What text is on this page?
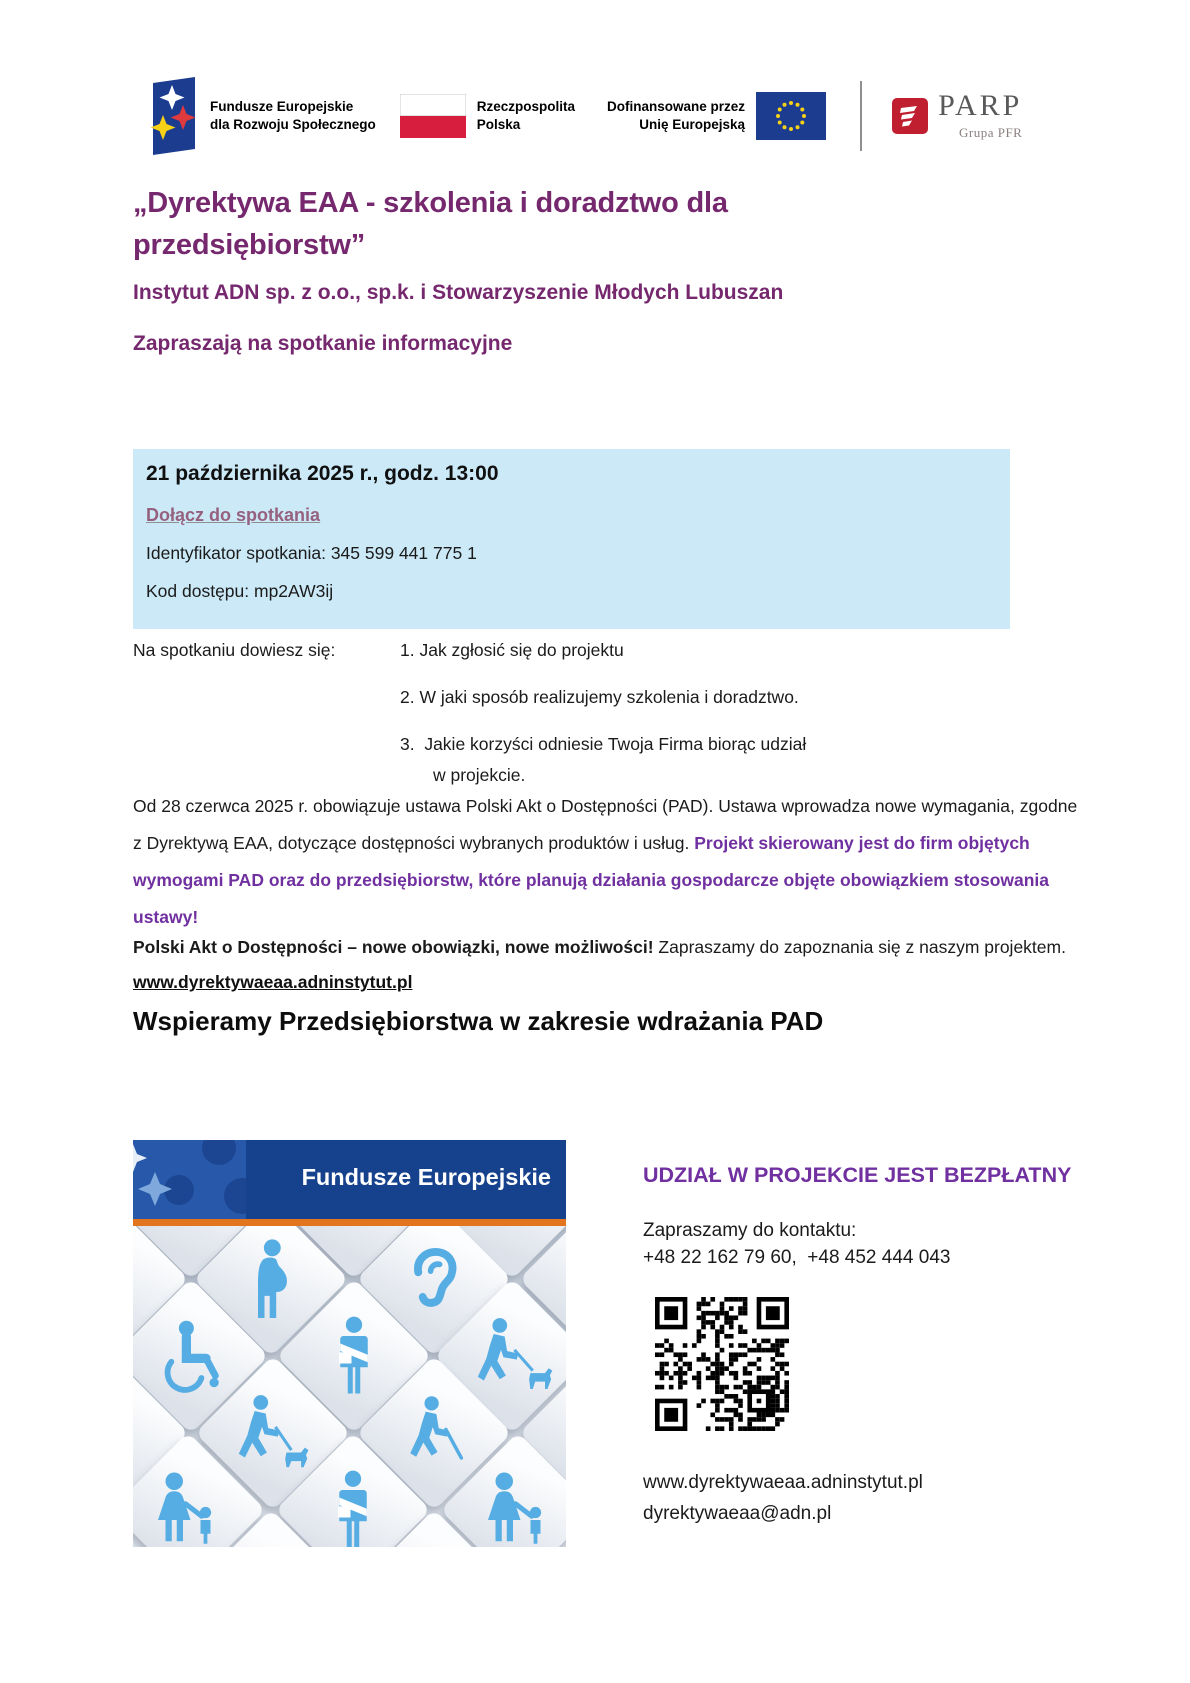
Fundusze Europejskie
dla Rozwoju Społecznego
Rzeczpospolita
Polska
Dofinansowane przez
Unię Europejską
PARP
Grupa PFR
„Dyrektywa EAA - szkolenia i doradztwo dla przedsiębiorstw”
Instytut ADN sp. z o.o., sp.k. i Stowarzyszenie Młodych Lubuszan
Zapraszają na spotkanie informacyjne
21 października 2025 r., godz. 13:00
Dołącz do spotkania
Identyfikator spotkania: 345 599 441 775 1
Kod dostępu: mp2AW3ij
Na spotkaniu dowiesz się:	1. Jak zgłosić się do projektu
2. W jaki sposób realizujemy szkolenia i doradztwo.
3.  Jakie korzyści odniesie Twoja Firma biorąc udział
w projekcie.

Od 28 czerwca 2025 r. obowiązuje ustawa Polski Akt o Dostępności (PAD). Ustawa wprowadza nowe wymagania, zgodne z Dyrektywą EAA, dotyczące dostępności wybranych produktów i usług. Projekt skierowany jest do firm objętych wymogami PAD oraz do przedsiębiorstw, które planują działania gospodarcze objęte obowiązkiem stosowania ustawy!

Polski Akt o Dostępności – nowe obowiązki, nowe możliwości! Zapraszamy do zapoznania się z naszym projektem.  www.dyrektywaeaa.adninstytut.pl

Wspieramy Przedsiębiorstwa w zakresie wdrażania PAD
Fundusze Europejskie	UDZIAŁ W PROJEKCIE JEST BEZPŁATNY
Zapraszamy do kontaktu:
+48 22 162 79 60,  +48 452 444 043
www.dyrektywaeaa.adninstytut.pl
dyrektywaeaa@adn.pl
